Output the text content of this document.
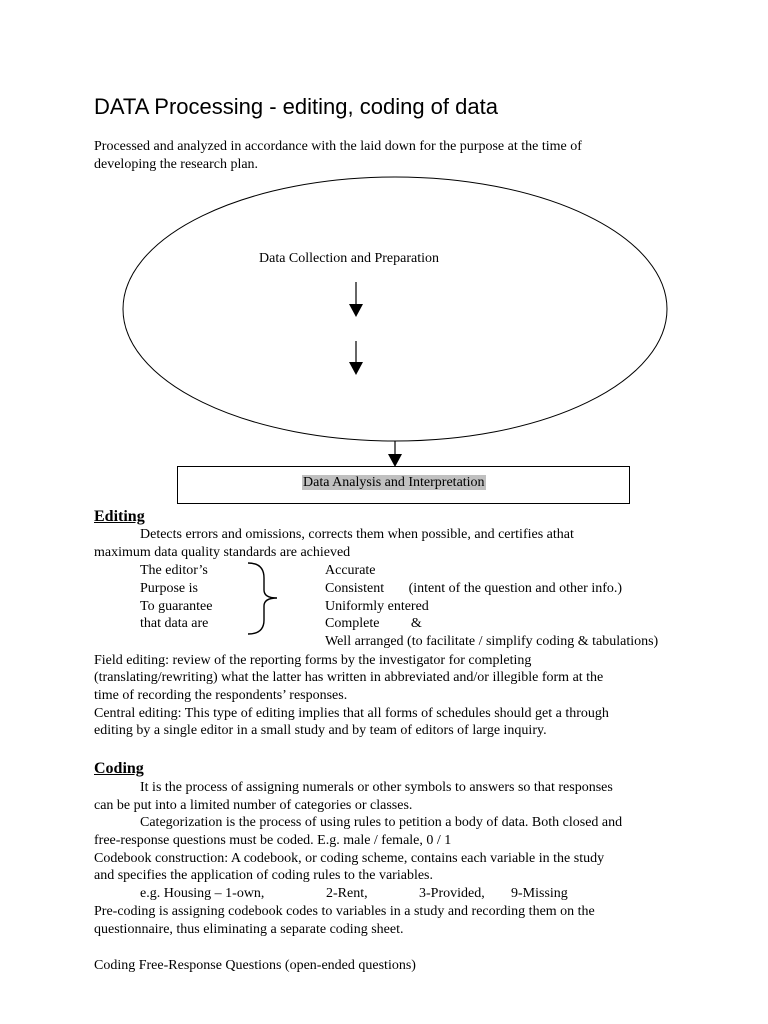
DATA Processing - editing, coding of data
Processed and analyzed in accordance with the laid down for the purpose at the time of
developing the research plan.
Data Collection and Preparation
Data Analysis and Interpretation
Editing
Detects errors and omissions, corrects them when possible, and certifies athat
maximum data quality standards are achieved
The editor’s
Purpose is
To guarantee
that data are
Accurate
Consistent       (intent of the question and other info.)
Uniformly entered
Complete         &
Well arranged (to facilitate / simplify coding & tabulations)
Field editing: review of the reporting forms by the investigator for completing
(translating/rewriting) what the latter has written in abbreviated and/or illegible form at the
time of recording the respondents’ responses.
Central editing: This type of editing implies that all forms of schedules should get a through
editing by a single editor in a small study and by team of editors of large inquiry.
Coding
It is the process of assigning numerals or other symbols to answers so that responses
can be put into a limited number of categories or classes.
Categorization is the process of using rules to petition a body of data. Both closed and
free-response questions must be coded. E.g. male / female, 0 / 1
Codebook construction: A codebook, or coding scheme, contains each variable in the study
and specifies the application of coding rules to the variables.
e.g. Housing – 1-own,	2-Rent,	3-Provided, 9-Missing
Pre-coding is assigning codebook codes to variables in a study and recording them on the
questionnaire, thus eliminating a separate coding sheet.
Coding Free-Response Questions (open-ended questions)
